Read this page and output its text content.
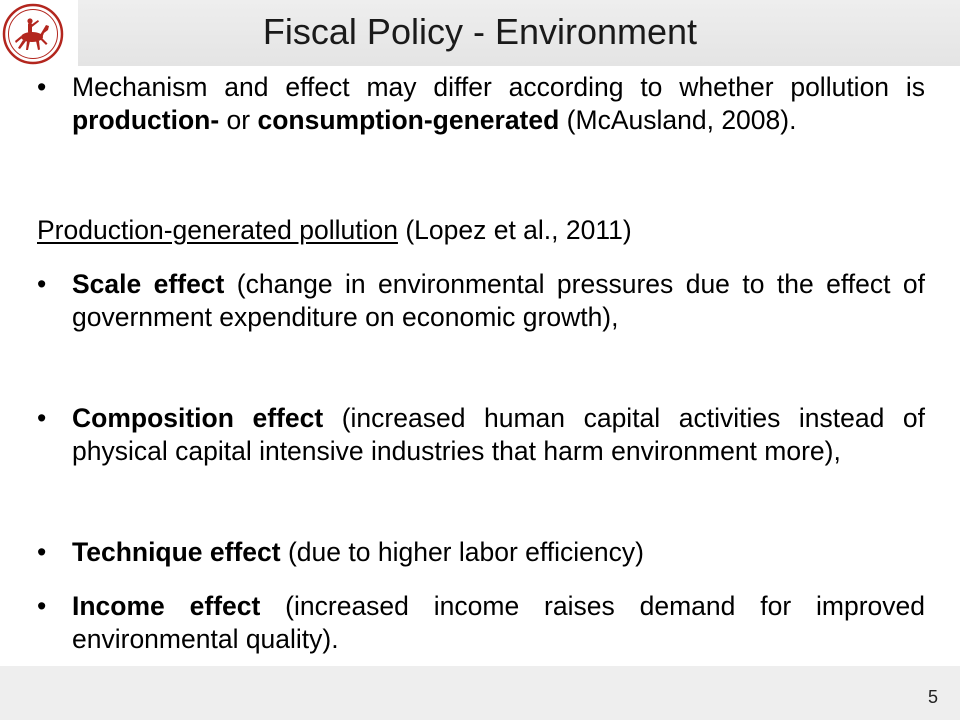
Fiscal Policy - Environment
• Mechanism and effect may differ according to whether pollution is production- or consumption-generated (McAusland, 2008).
Production-generated pollution (Lopez et al., 2011)
• Scale effect (change in environmental pressures due to the effect of government expenditure on economic growth),
• Composition effect (increased human capital activities instead of physical capital intensive industries that harm environment more),
• Technique effect (due to higher labor efficiency)
• Income effect (increased income raises demand for improved environmental quality).
5
